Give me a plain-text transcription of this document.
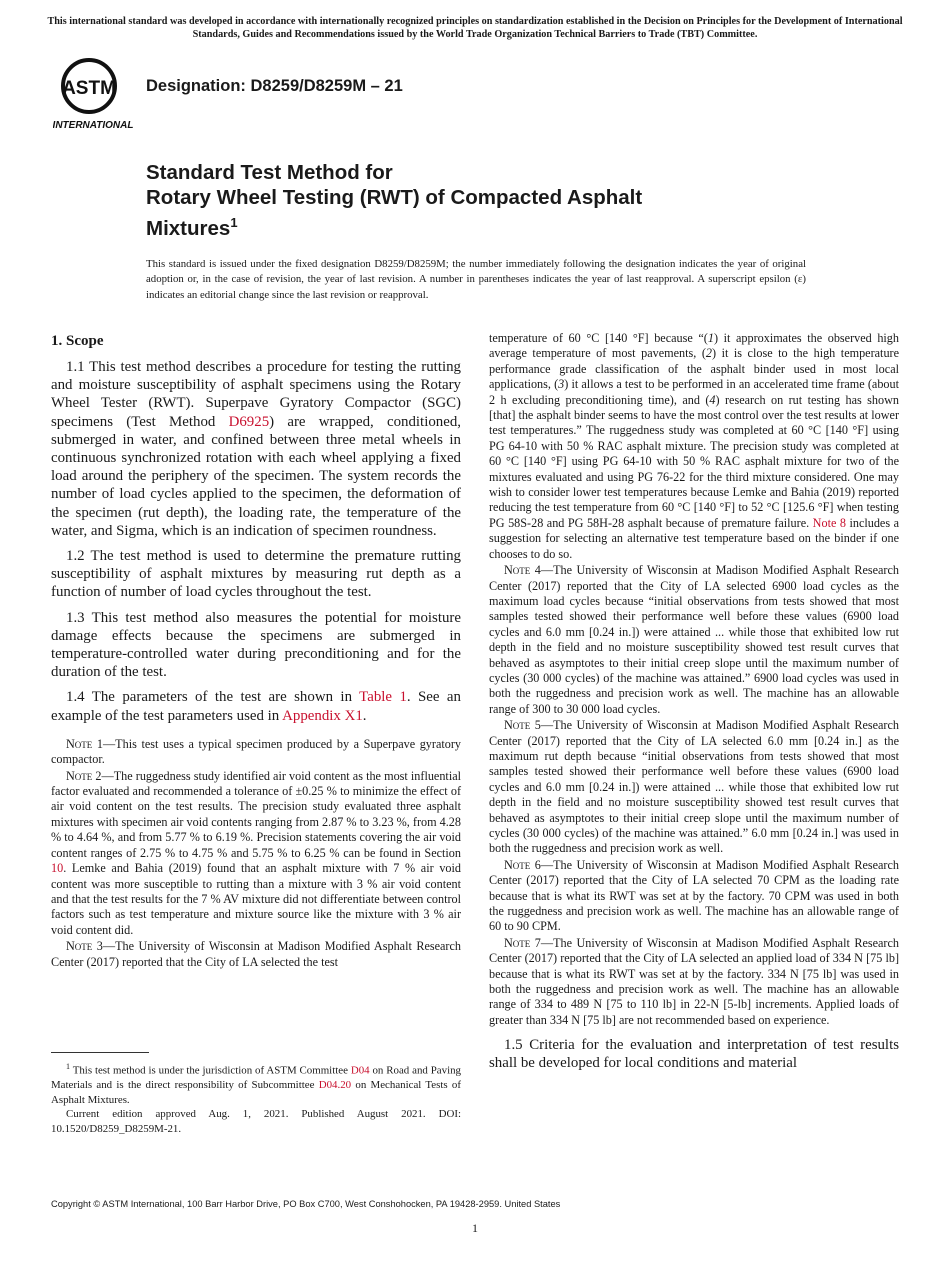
This international standard was developed in accordance with internationally recognized principles on standardization established in the Decision on Principles for the Development of International Standards, Guides and Recommendations issued by the World Trade Organization Technical Barriers to Trade (TBT) Committee.
ASTM
INTERNATIONAL
Designation: D8259/D8259M – 21
Standard Test Method for
Rotary Wheel Testing (RWT) of Compacted Asphalt
Mixtures$^1$
This standard is issued under the fixed designation D8259/D8259M; the number immediately following the designation indicates the year of original adoption or, in the case of revision, the year of last revision. A number in parentheses indicates the year of last reapproval. A superscript epsilon (ε) indicates an editorial change since the last revision or reapproval.
1. Scope

1.1 This test method describes a procedure for testing the rutting and moisture susceptibility of asphalt specimens using the Rotary Wheel Tester (RWT). Superpave Gyratory Compactor (SGC) specimens (Test Method D6925) are wrapped, conditioned, submerged in water, and confined between three metal wheels in continuous synchronized rotation with each wheel applying a fixed load around the periphery of the specimen. The system records the number of load cycles applied to the specimen, the deformation of the specimen (rut depth), the loading rate, the temperature of the water, and Sigma, which is an indication of specimen roundness.

1.2 The test method is used to determine the premature rutting susceptibility of asphalt mixtures by measuring rut depth as a function of number of load cycles throughout the test.

1.3 This test method also measures the potential for moisture damage effects because the specimens are submerged in temperature-controlled water during preconditioning and for the duration of the test.

1.4 The parameters of the test are shown in Table 1. See an example of the test parameters used in Appendix X1.

Note 1—This test uses a typical specimen produced by a Superpave gyratory compactor.

Note 2—The ruggedness study identified air void content as the most influential factor evaluated and recommended a tolerance of ±0.25 % to minimize the effect of air void content on the test results. The precision study evaluated three asphalt mixtures with specimen air void contents ranging from 2.87 % to 3.23 %, from 4.28 % to 4.64 %, and from 5.77 % to 6.19 %. Precision statements covering the air void content ranges of 2.75 % to 4.75 % and 5.75 % to 6.25 % can be found in Section 10. Lemke and Bahia (2019) found that an asphalt mixture with 7 % air void content was more susceptible to rutting than a mixture with 3 % air void content and that the test results for the 7 % AV mixture did not differentiate between control factors such as test temperature and mixture source like the mixture with 3 % air void content did.

Note 3—The University of Wisconsin at Madison Modified Asphalt Research Center (2017) reported that the City of LA selected the test

temperature of 60 °C [140 °F] because “(1) it approximates the observed high average temperature of most pavements, (2) it is close to the high temperature performance grade classification of the asphalt binder used in most local applications, (3) it allows a test to be performed in an accelerated time frame (about 2 h excluding preconditioning time), and (4) research on rut testing has shown [that] the asphalt binder seems to have the most control over the test results at lower test temperatures.” The ruggedness study was completed at 60 °C [140 °F] using PG 64-10 with 50 % RAC asphalt mixture. The precision study was completed at 60 °C [140 °F] using PG 64-10 with 50 % RAC asphalt mixture for two of the mixtures evaluated and using PG 76-22 for the third mixture considered. One may wish to consider lower test temperatures because Lemke and Bahia (2019) reported reducing the test temperature from 60 °C [140 °F] to 52 °C [125.6 °F] when testing PG 58S-28 and PG 58H-28 asphalt because of premature failure. Note 8 includes a suggestion for selecting an alternative test temperature based on the binder if one chooses to do so.

Note 4—The University of Wisconsin at Madison Modified Asphalt Research Center (2017) reported that the City of LA selected 6900 load cycles as the maximum load cycles because “initial observations from tests showed that most samples tested showed their performance well before these values (6900 load cycles and 6.0 mm [0.24 in.]) were attained ... while those that exhibited low rut depth in the field and no moisture susceptibility showed test result curves that behaved as asymptotes to their initial creep slope until the maximum number of cycles (30 000 cycles) of the machine was attained.” 6900 load cycles was used in both the ruggedness and precision work as well. The machine has an allowable range of 300 to 30 000 load cycles.

Note 5—The University of Wisconsin at Madison Modified Asphalt Research Center (2017) reported that the City of LA selected 6.0 mm [0.24 in.] as the maximum rut depth because “initial observations from tests showed that most samples tested showed their performance well before these values (6900 load cycles and 6.0 mm [0.24 in.]) were attained ... while those that exhibited low rut depth in the field and no moisture susceptibility showed test result curves that behaved as asymptotes to their initial creep slope until the maximum number of cycles (30 000 cycles) of the machine was attained.” 6.0 mm [0.24 in.] was used in both the ruggedness and precision work as well.

Note 6—The University of Wisconsin at Madison Modified Asphalt Research Center (2017) reported that the City of LA selected 70 CPM as the loading rate because that is what its RWT was set at by the factory. 70 CPM was used in both the ruggedness and precision work as well. The machine has an allowable range of 60 to 90 CPM.

Note 7—The University of Wisconsin at Madison Modified Asphalt Research Center (2017) reported that the City of LA selected an applied load of 334 N [75 lb] because that is what its RWT was set at by the factory. 334 N [75 lb] was used in both the ruggedness and precision work as well. The machine has an allowable range of 334 to 489 N [75 to 110 lb] in 22-N [5-lb] increments. Applied loads of greater than 334 N [75 lb] are not recommended based on experience.

1.5 Criteria for the evaluation and interpretation of test results shall be developed for local conditions and material

$^1$ This test method is under the jurisdiction of ASTM Committee D04 on Road and Paving Materials and is the direct responsibility of Subcommittee D04.20 on Mechanical Tests of Asphalt Mixtures.

Current edition approved Aug. 1, 2021. Published August 2021. DOI: 10.1520/D8259_D8259M-21.

Copyright © ASTM International, 100 Barr Harbor Drive, PO Box C700, West Conshohocken, PA 19428-2959. United States
1
